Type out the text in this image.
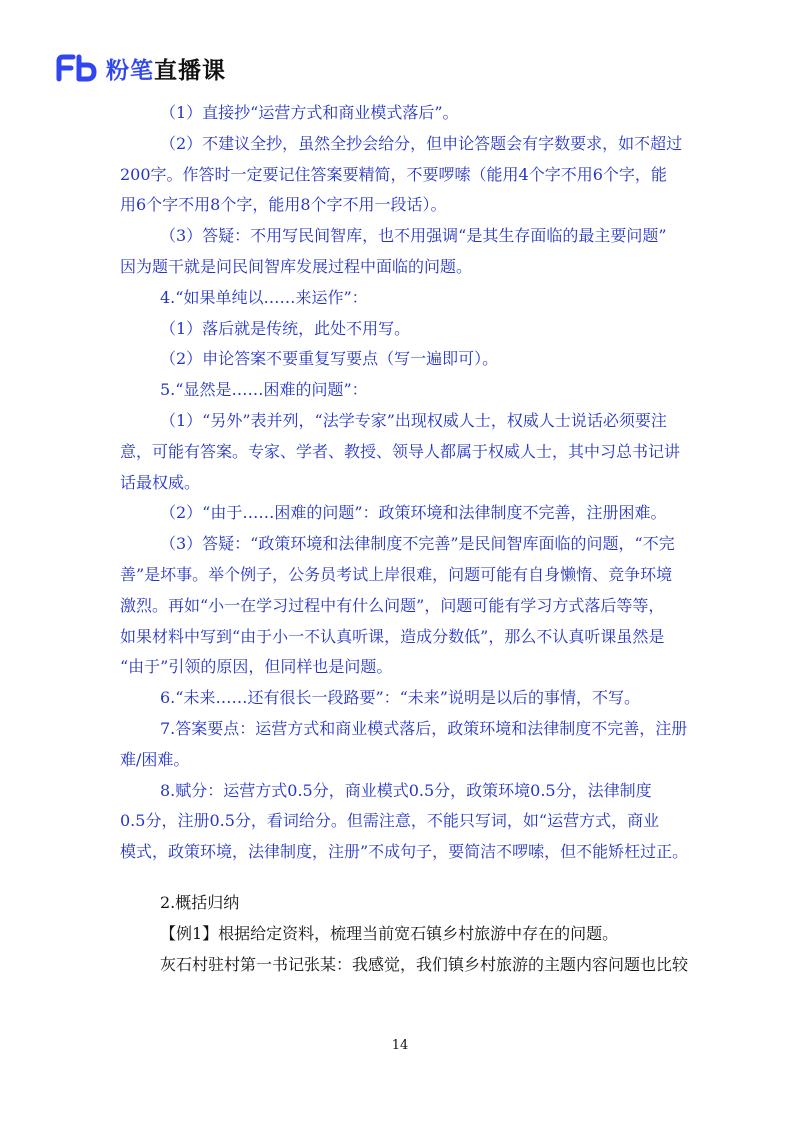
粉笔 直播课
（1）直接抄“运营方式和商业模式落后”。
（2）不建议全抄，虽然全抄会给分，但申论答题会有字数要求，如不超过
200字。作答时一定要记住答案要精简，不要啰嗦（能用4个字不用6个字，能
用6个字不用8个字，能用8个字不用一段话）。
（3）答疑：不用写民间智库，也不用强调“是其生存面临的最主要问题”
因为题干就是问民间智库发展过程中面临的问题。
4.“如果单纯以……来运作”：
（1）落后就是传统，此处不用写。
（2）申论答案不要重复写要点（写一遍即可）。
5.“显然是……困难的问题”：
（1）“另外”表并列，“法学专家”出现权威人士，权威人士说话必须要注
意，可能有答案。专家、学者、教授、领导人都属于权威人士，其中习总书记讲
话最权威。
（2）“由于……困难的问题”：政策环境和法律制度不完善，注册困难。
（3）答疑：“政策环境和法律制度不完善”是民间智库面临的问题，“不完
善”是坏事。举个例子，公务员考试上岸很难，问题可能有自身懒惰、竞争环境
激烈。再如“小一在学习过程中有什么问题”，问题可能有学习方式落后等等，
如果材料中写到“由于小一不认真听课，造成分数低”，那么不认真听课虽然是
“由于”引领的原因，但同样也是问题。
6.“未来……还有很长一段路要”：“未来”说明是以后的事情，不写。
7.答案要点：运营方式和商业模式落后，政策环境和法律制度不完善，注册
难/困难。
8.赋分：运营方式0.5分，商业模式0.5分，政策环境0.5分，法律制度
0.5分，注册0.5分，看词给分。但需注意，不能只写词，如“运营方式，商业
模式，政策环境，法律制度，注册”不成句子，要简洁不啰嗦，但不能矫枉过正。
2.概括归纳
【例1】根据给定资料，梳理当前宽石镇乡村旅游中存在的问题。
灰石村驻村第一书记张某：我感觉，我们镇乡村旅游的主题内容问题也比较
14
